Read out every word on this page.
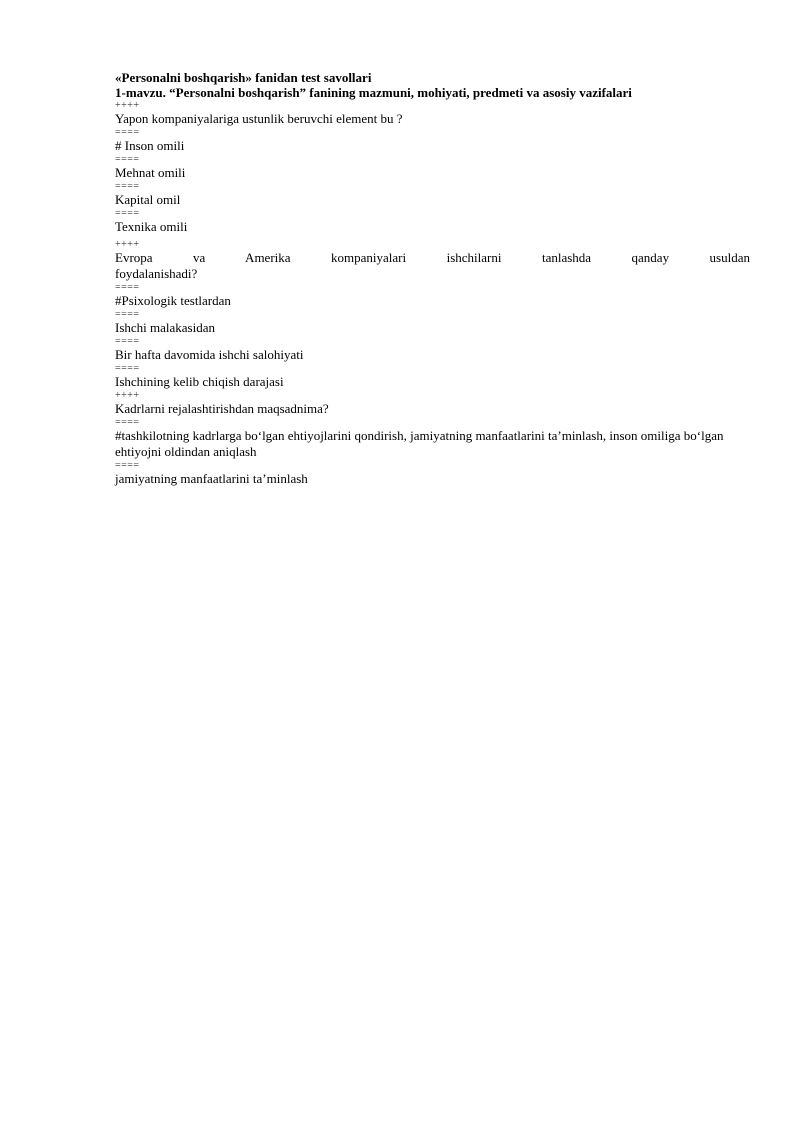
«Personalni boshqarish» fanidan test savollari
1-mavzu. “Personalni boshqarish” fanining mazmuni, mohiyati, predmeti va asosiy vazifalari
++++
Yapon kompaniyalariga ustunlik beruvchi element bu ?
====
# Inson omili
====
Mehnat omili
====
Kapital omil
====
Texnika omili
++++
Evropa va Amerika kompaniyalari ishchilarni tanlashda qanday usuldan
foydalanishadi?
====
#Psixologik testlardan
====
Ishchi malakasidan
====
Bir hafta davomida ishchi salohiyati
====
Ishchining kelib chiqish darajasi
++++
Kadrlarni rejalashtirishdan maqsadnima?
====
#tashkilotning kadrlarga boʻlgan ehtiyojlarini qondirish, jamiyatning manfaatlarini taʼminlash, inson omiliga boʻlgan ehtiyojni oldindan aniqlash
====
jamiyatning manfaatlarini taʼminlash
